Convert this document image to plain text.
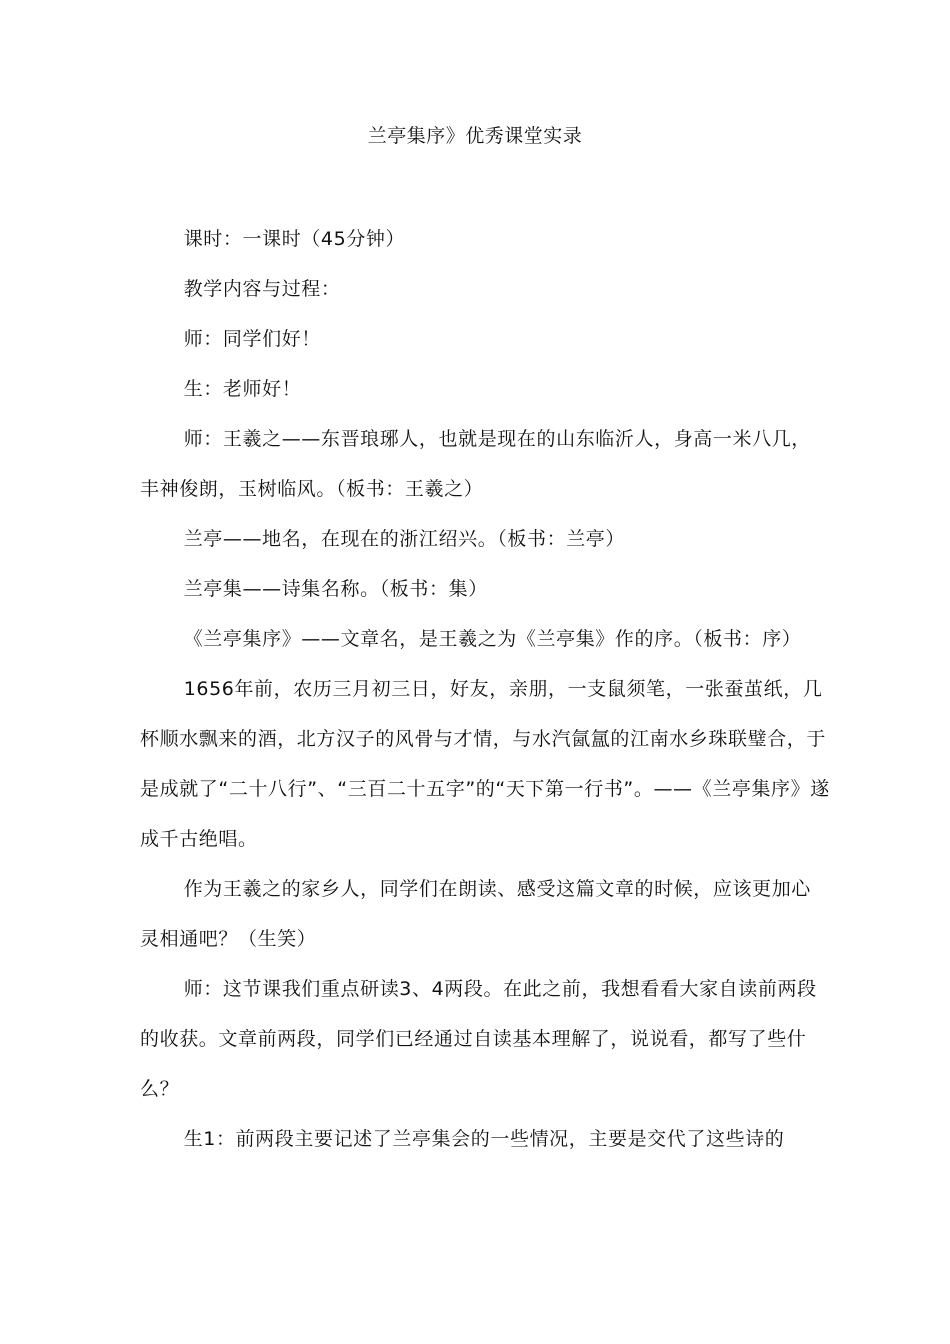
兰亭集序》优秀课堂实录

课时：一课时（45分钟）

教学内容与过程：

师：同学们好！

生：老师好！

师：王羲之——东晋琅琊人，也就是现在的山东临沂人，身高一米八几，丰神俊朗，玉树临风。（板书：王羲之）

兰亭——地名，在现在的浙江绍兴。（板书：兰亭）

兰亭集——诗集名称。（板书：集）

《兰亭集序》——文章名，是王羲之为《兰亭集》作的序。（板书：序）

1656年前，农历三月初三日，好友，亲朋，一支鼠须笔，一张蚕茧纸，几杯顺水飘来的酒，北方汉子的风骨与才情，与水汽氤氲的江南水乡珠联璧合，于是成就了“二十八行”、“三百二十五字”的“天下第一行书”。——《兰亭集序》遂成千古绝唱。

作为王羲之的家乡人，同学们在朗读、感受这篇文章的时候，应该更加心灵相通吧？（生笑）

师：这节课我们重点研读3、4两段。在此之前，我想看看大家自读前两段的收获。文章前两段，同学们已经通过自读基本理解了，说说看，都写了些什么？

生1：前两段主要记述了兰亭集会的一些情况，主要是交代了这些诗的
